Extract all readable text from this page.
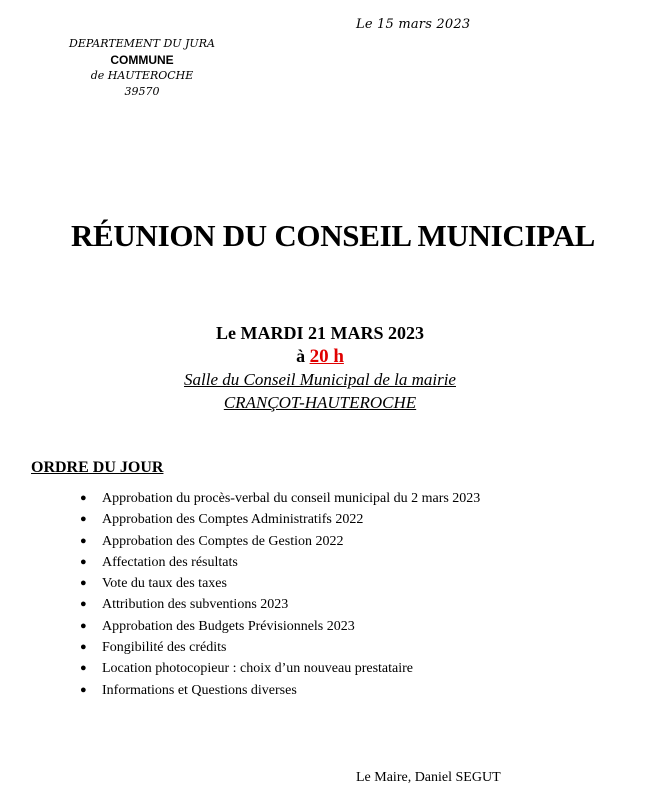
Le 15 mars 2023
DEPARTEMENT DU JURA
COMMUNE
de HAUTEROCHE
39570
RÉUNION DU CONSEIL MUNICIPAL
Le MARDI 21 MARS 2023
à 20 h
Salle du Conseil Municipal de la mairie
CRANÇOT-HAUTEROCHE
ORDRE DU JOUR
● Approbation du procès-verbal du conseil municipal du 2 mars 2023
● Approbation des Comptes Administratifs 2022
● Approbation des Comptes de Gestion 2022
● Affectation des résultats
● Vote du taux des taxes
● Attribution des subventions 2023
● Approbation des Budgets Prévisionnels 2023
● Fongibilité des crédits
● Location photocopieur : choix d’un nouveau prestataire
● Informations et Questions diverses
Le Maire, Daniel SEGUT
